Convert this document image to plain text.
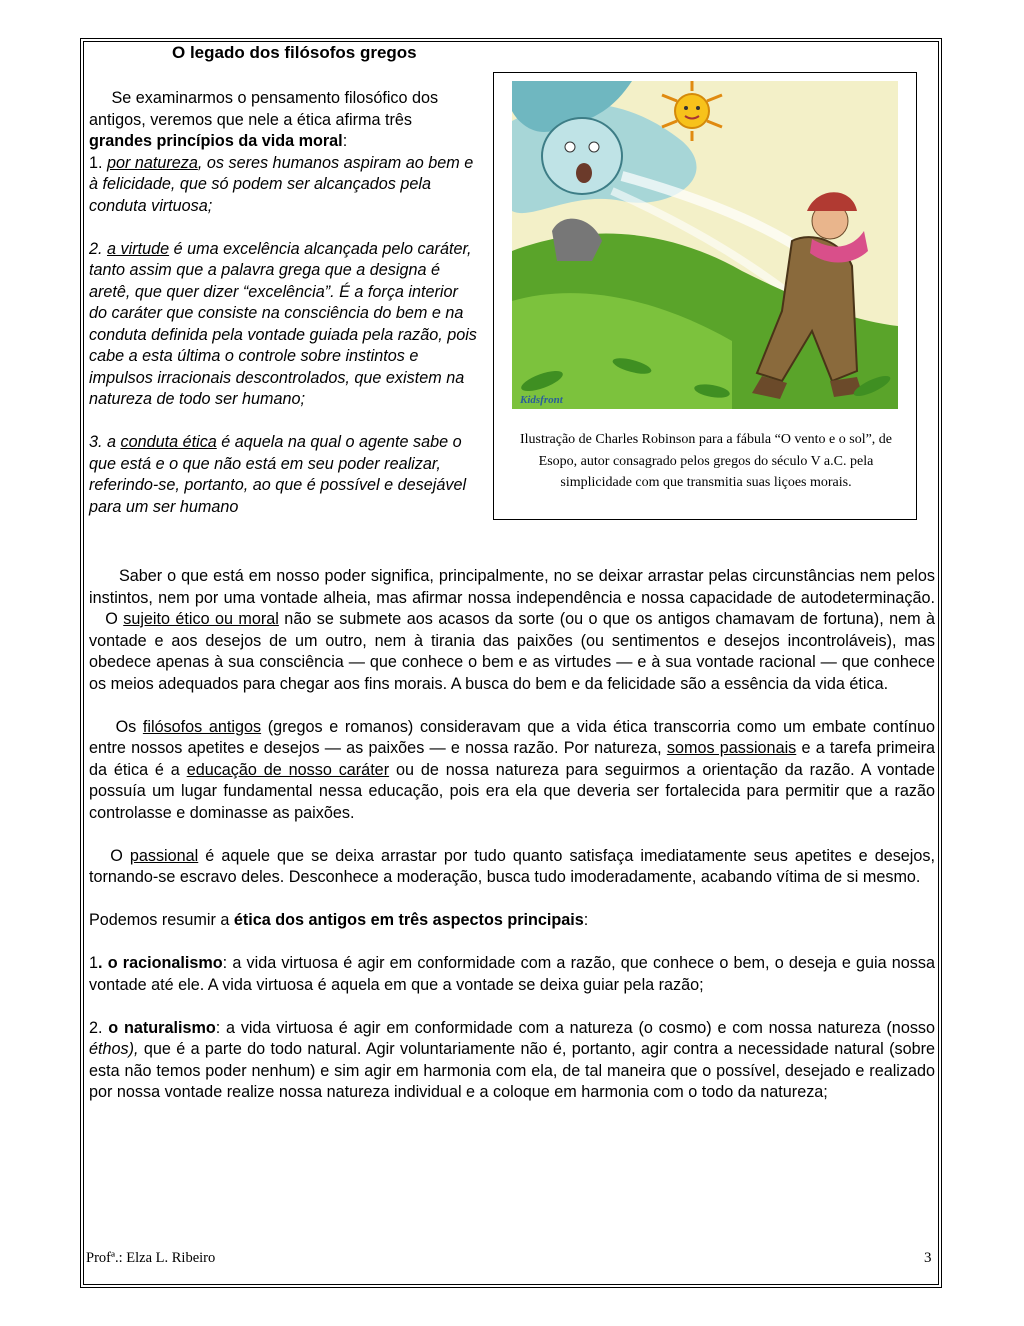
O legado dos filósofos gregos

Se examinarmos o pensamento filosófico dos antigos, veremos que nele a ética afirma três grandes princípios da vida moral:

1. por natureza, os seres humanos aspiram ao bem e à felicidade, que só podem ser alcançados pela conduta virtuosa;

2. a virtude é uma excelência alcançada pelo caráter, tanto assim que a palavra grega que a designa é aretê, que quer dizer “excelência”. É a força interior do caráter que consiste na consciência do bem e na conduta definida pela vontade guiada pela razão, pois cabe a esta última o controle sobre instintos e impulsos irracionais descontrolados, que existem na natureza de todo ser humano;

3. a conduta ética é aquela na qual o agente sabe o que está e o que não está em seu poder realizar, referindo-se, portanto, ao que é possível e desejável para um ser humano

Kidsfront
Ilustração de Charles Robinson para a fábula “O vento e o sol”, de Esopo, autor consagrado pelos gregos do século V a.C. pela simplicidade com que transmitia suas liçoes morais.

Saber o que está em nosso poder significa, principalmente, no se deixar arrastar pelas circunstâncias nem pelos instintos, nem por uma vontade alheia, mas afirmar nossa independência e nossa capacidade de autodeterminação.

O sujeito ético ou moral não se submete aos acasos da sorte (ou o que os antigos chamavam de fortuna), nem à vontade e aos desejos de um outro, nem à tirania das paixões (ou sentimentos e desejos incontroláveis), mas obedece apenas à sua consciência — que conhece o bem e as virtudes — e à sua vontade racional — que conhece os meios adequados para chegar aos fins morais. A busca do bem e da felicidade são a essência da vida ética.

Os filósofos antigos (gregos e romanos) consideravam que a vida ética transcorria como um embate contínuo entre nossos apetites e desejos — as paixões — e nossa razão. Por natureza, somos passionais e a tarefa primeira da ética é a educação de nosso caráter ou de nossa natureza para seguirmos a orientação da razão. A vontade possuía um lugar fundamental nessa educação, pois era ela que deveria ser fortalecida para permitir que a razão controlasse e dominasse as paixões.

O passional é aquele que se deixa arrastar por tudo quanto satisfaça imediatamente seus apetites e desejos, tornando-se escravo deles. Desconhece a moderação, busca tudo imoderadamente, acabando vítima de si mesmo.

Podemos resumir a ética dos antigos em três aspectos principais:

1. o racionalismo: a vida virtuosa é agir em conformidade com a razão, que conhece o bem, o deseja e guia nossa vontade até ele. A vida virtuosa é aquela em que a vontade se deixa guiar pela razão;

2. o naturalismo: a vida virtuosa é agir em conformidade com a natureza (o cosmo) e com nossa natureza (nosso éthos), que é a parte do todo natural. Agir voluntariamente não é, portanto, agir contra a necessidade natural (sobre esta não temos poder nenhum) e sim agir em harmonia com ela, de tal maneira que o possível, desejado e realizado por nossa vontade realize nossa natureza individual e a coloque em harmonia com o todo da natureza;

Profª.: Elza L. Ribeiro	3
